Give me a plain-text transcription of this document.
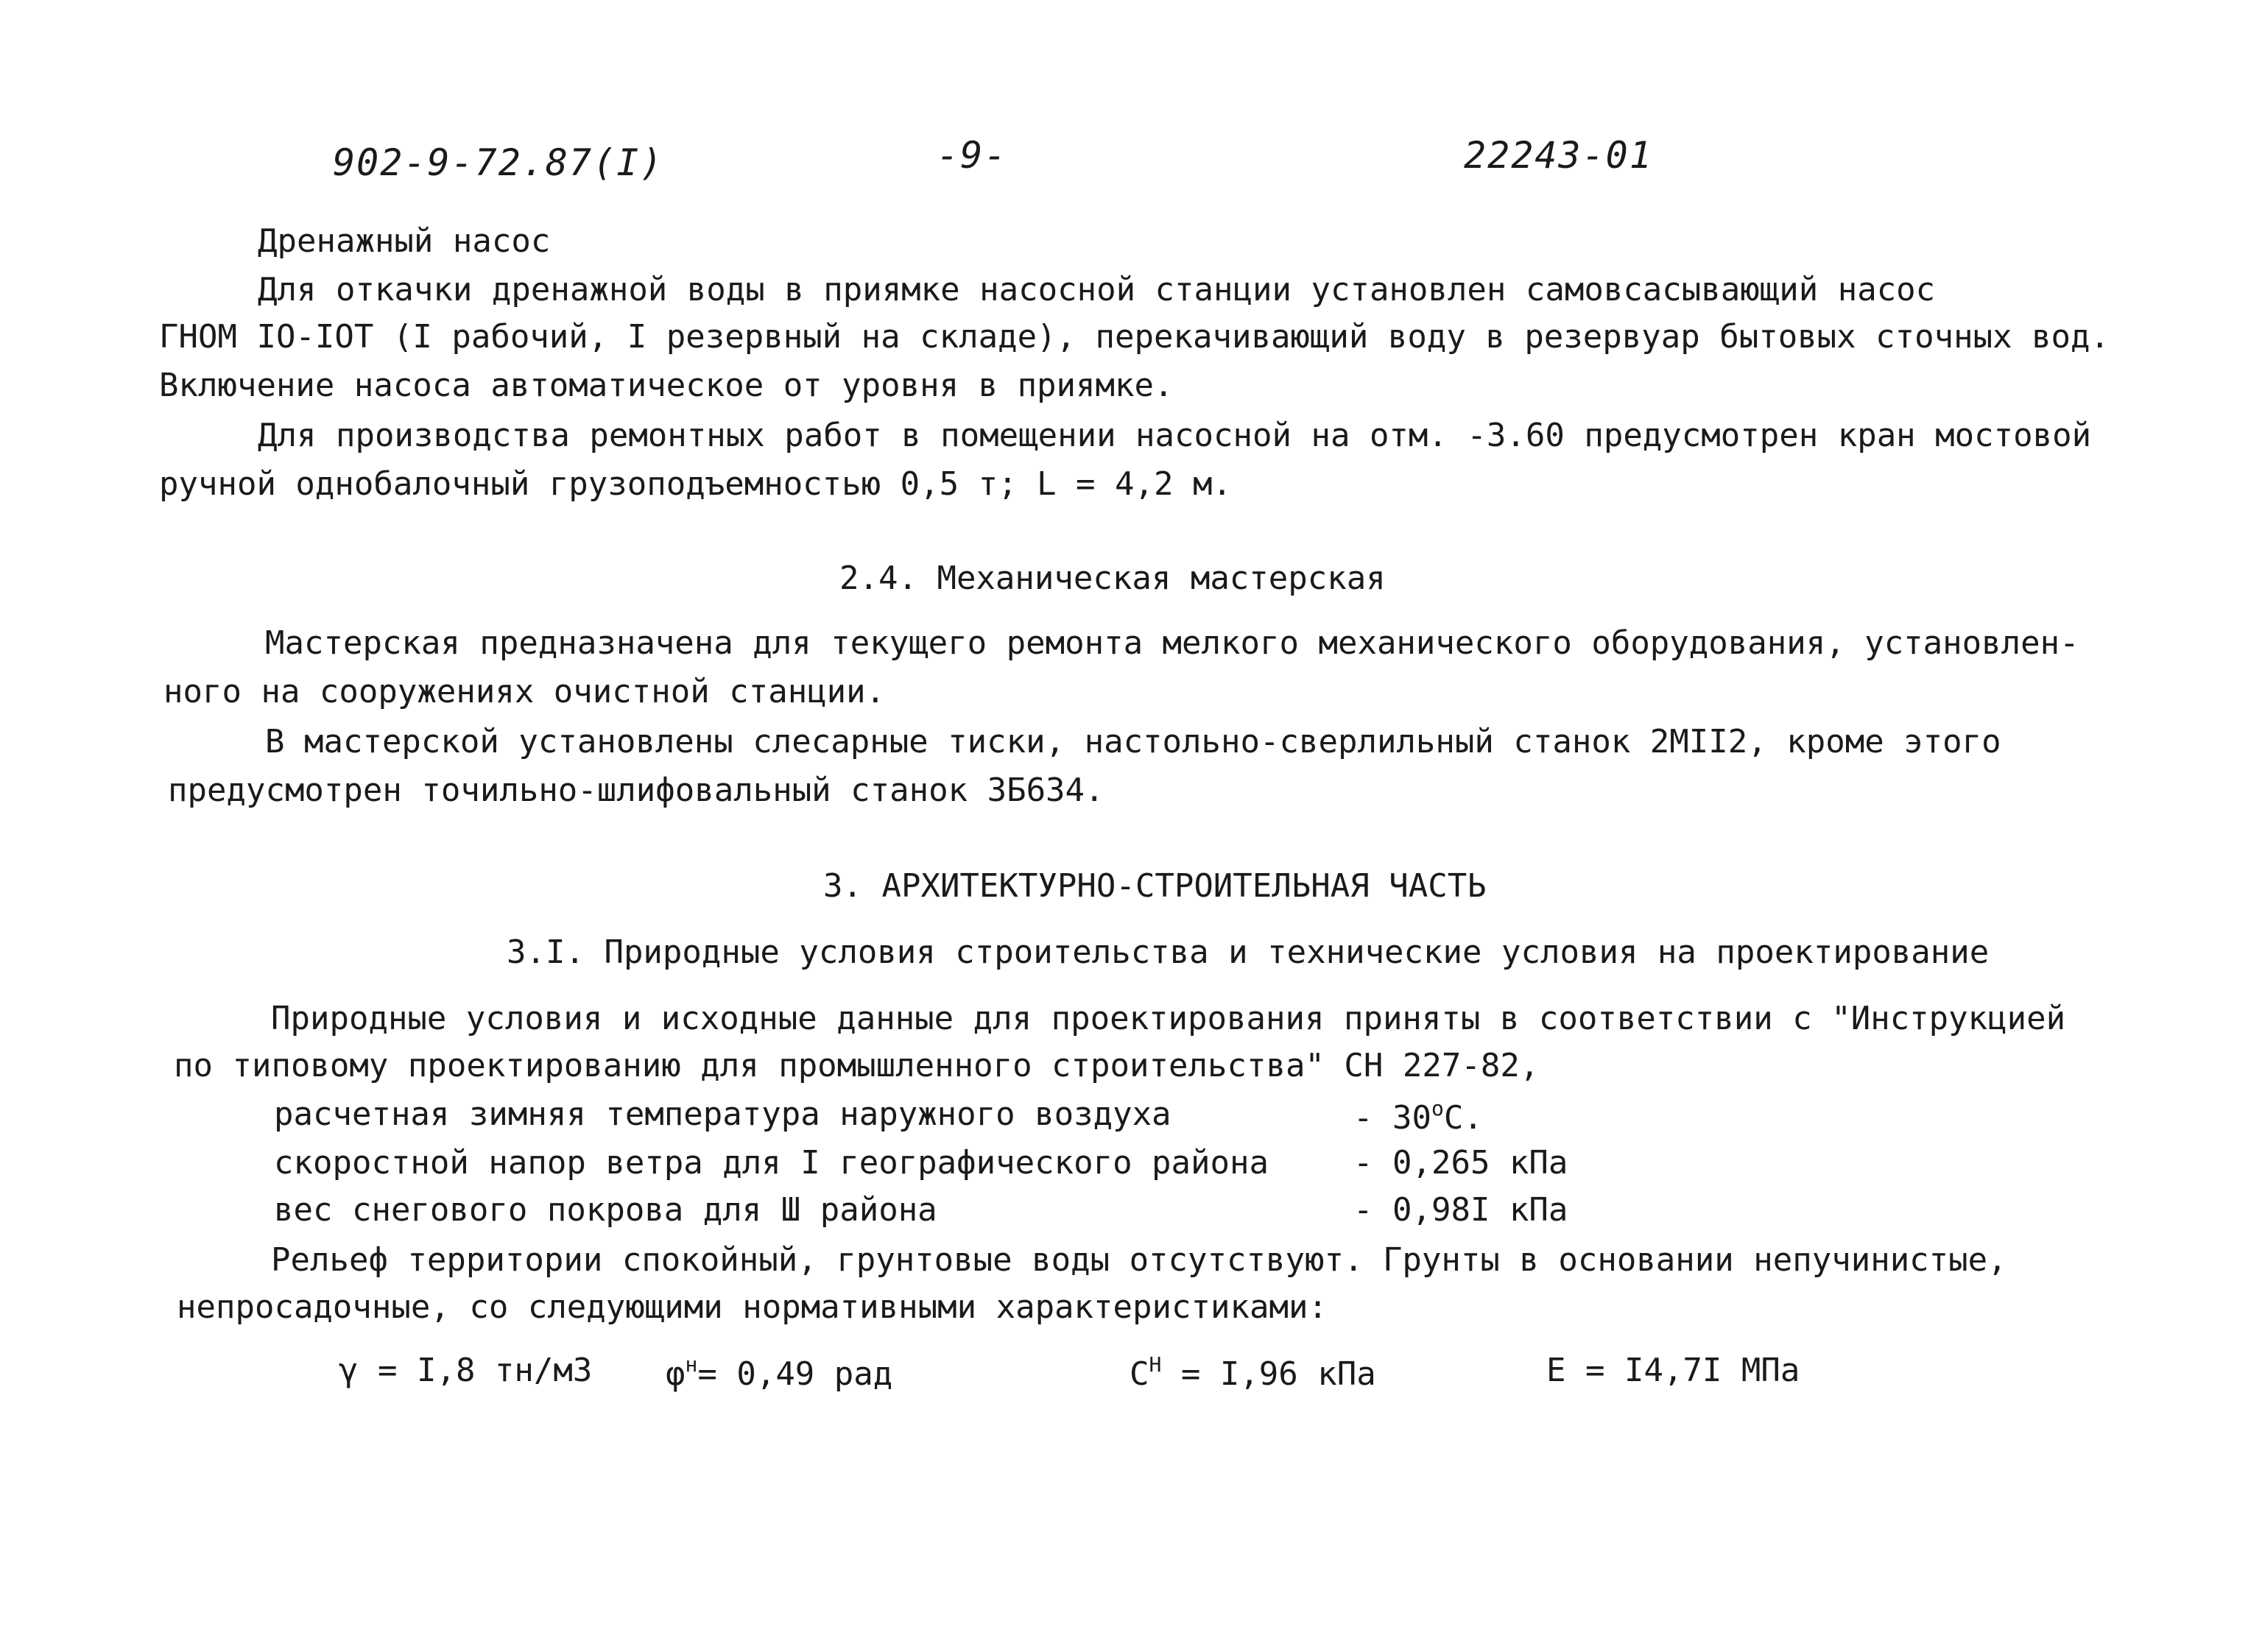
902-9-72.87(I)	-9-	22243-01
Дренажный насос
Для откачки дренажной воды в приямке насосной станции установлен самовсасывающий насос
ГНОМ IO-IOТ (I рабочий, I резервный на складе), перекачивающий воду в резервуар бытовых сточных вод.
Включение насоса автоматическое от уровня в приямке.
Для производства ремонтных работ в помещении насосной на отм. -3.60 предусмотрен кран мостовой
ручной однобалочный грузоподъемностью 0,5 т; L = 4,2 м.
2.4. Механическая мастерская
Мастерская предназначена для текущего ремонта мелкого механического оборудования, установлен-
ного на сооружениях очистной станции.
В мастерской установлены слесарные тиски, настольно-сверлильный станок 2МII2, кроме этого
предусмотрен точильно-шлифовальный станок 3Б634.
3. АРХИТЕКТУРНО-СТРОИТЕЛЬНАЯ ЧАСТЬ
3.I. Природные условия строительства и технические условия на проектирование
Природные условия и исходные данные для проектирования приняты в соответствии с "Инструкцией
по типовому проектированию для промышленного строительства" СН 227-82,
расчетная зимняя температура наружного воздуха	- 30$^o$С.
скоростной напор ветра для I географического района	- 0,265 кПа
вес снегового покрова для Ш района	- 0,98I кПа
Рельеф территории спокойный, грунтовые воды отсутствуют. Грунты в основании непучинистые,
непросадочные, со следующими нормативными характеристиками:
γ = I,8 тн/м3 $\varphi^н= 0,49$ рад	$С^Н = I,96$ кПа	E = I4,7I МПа
